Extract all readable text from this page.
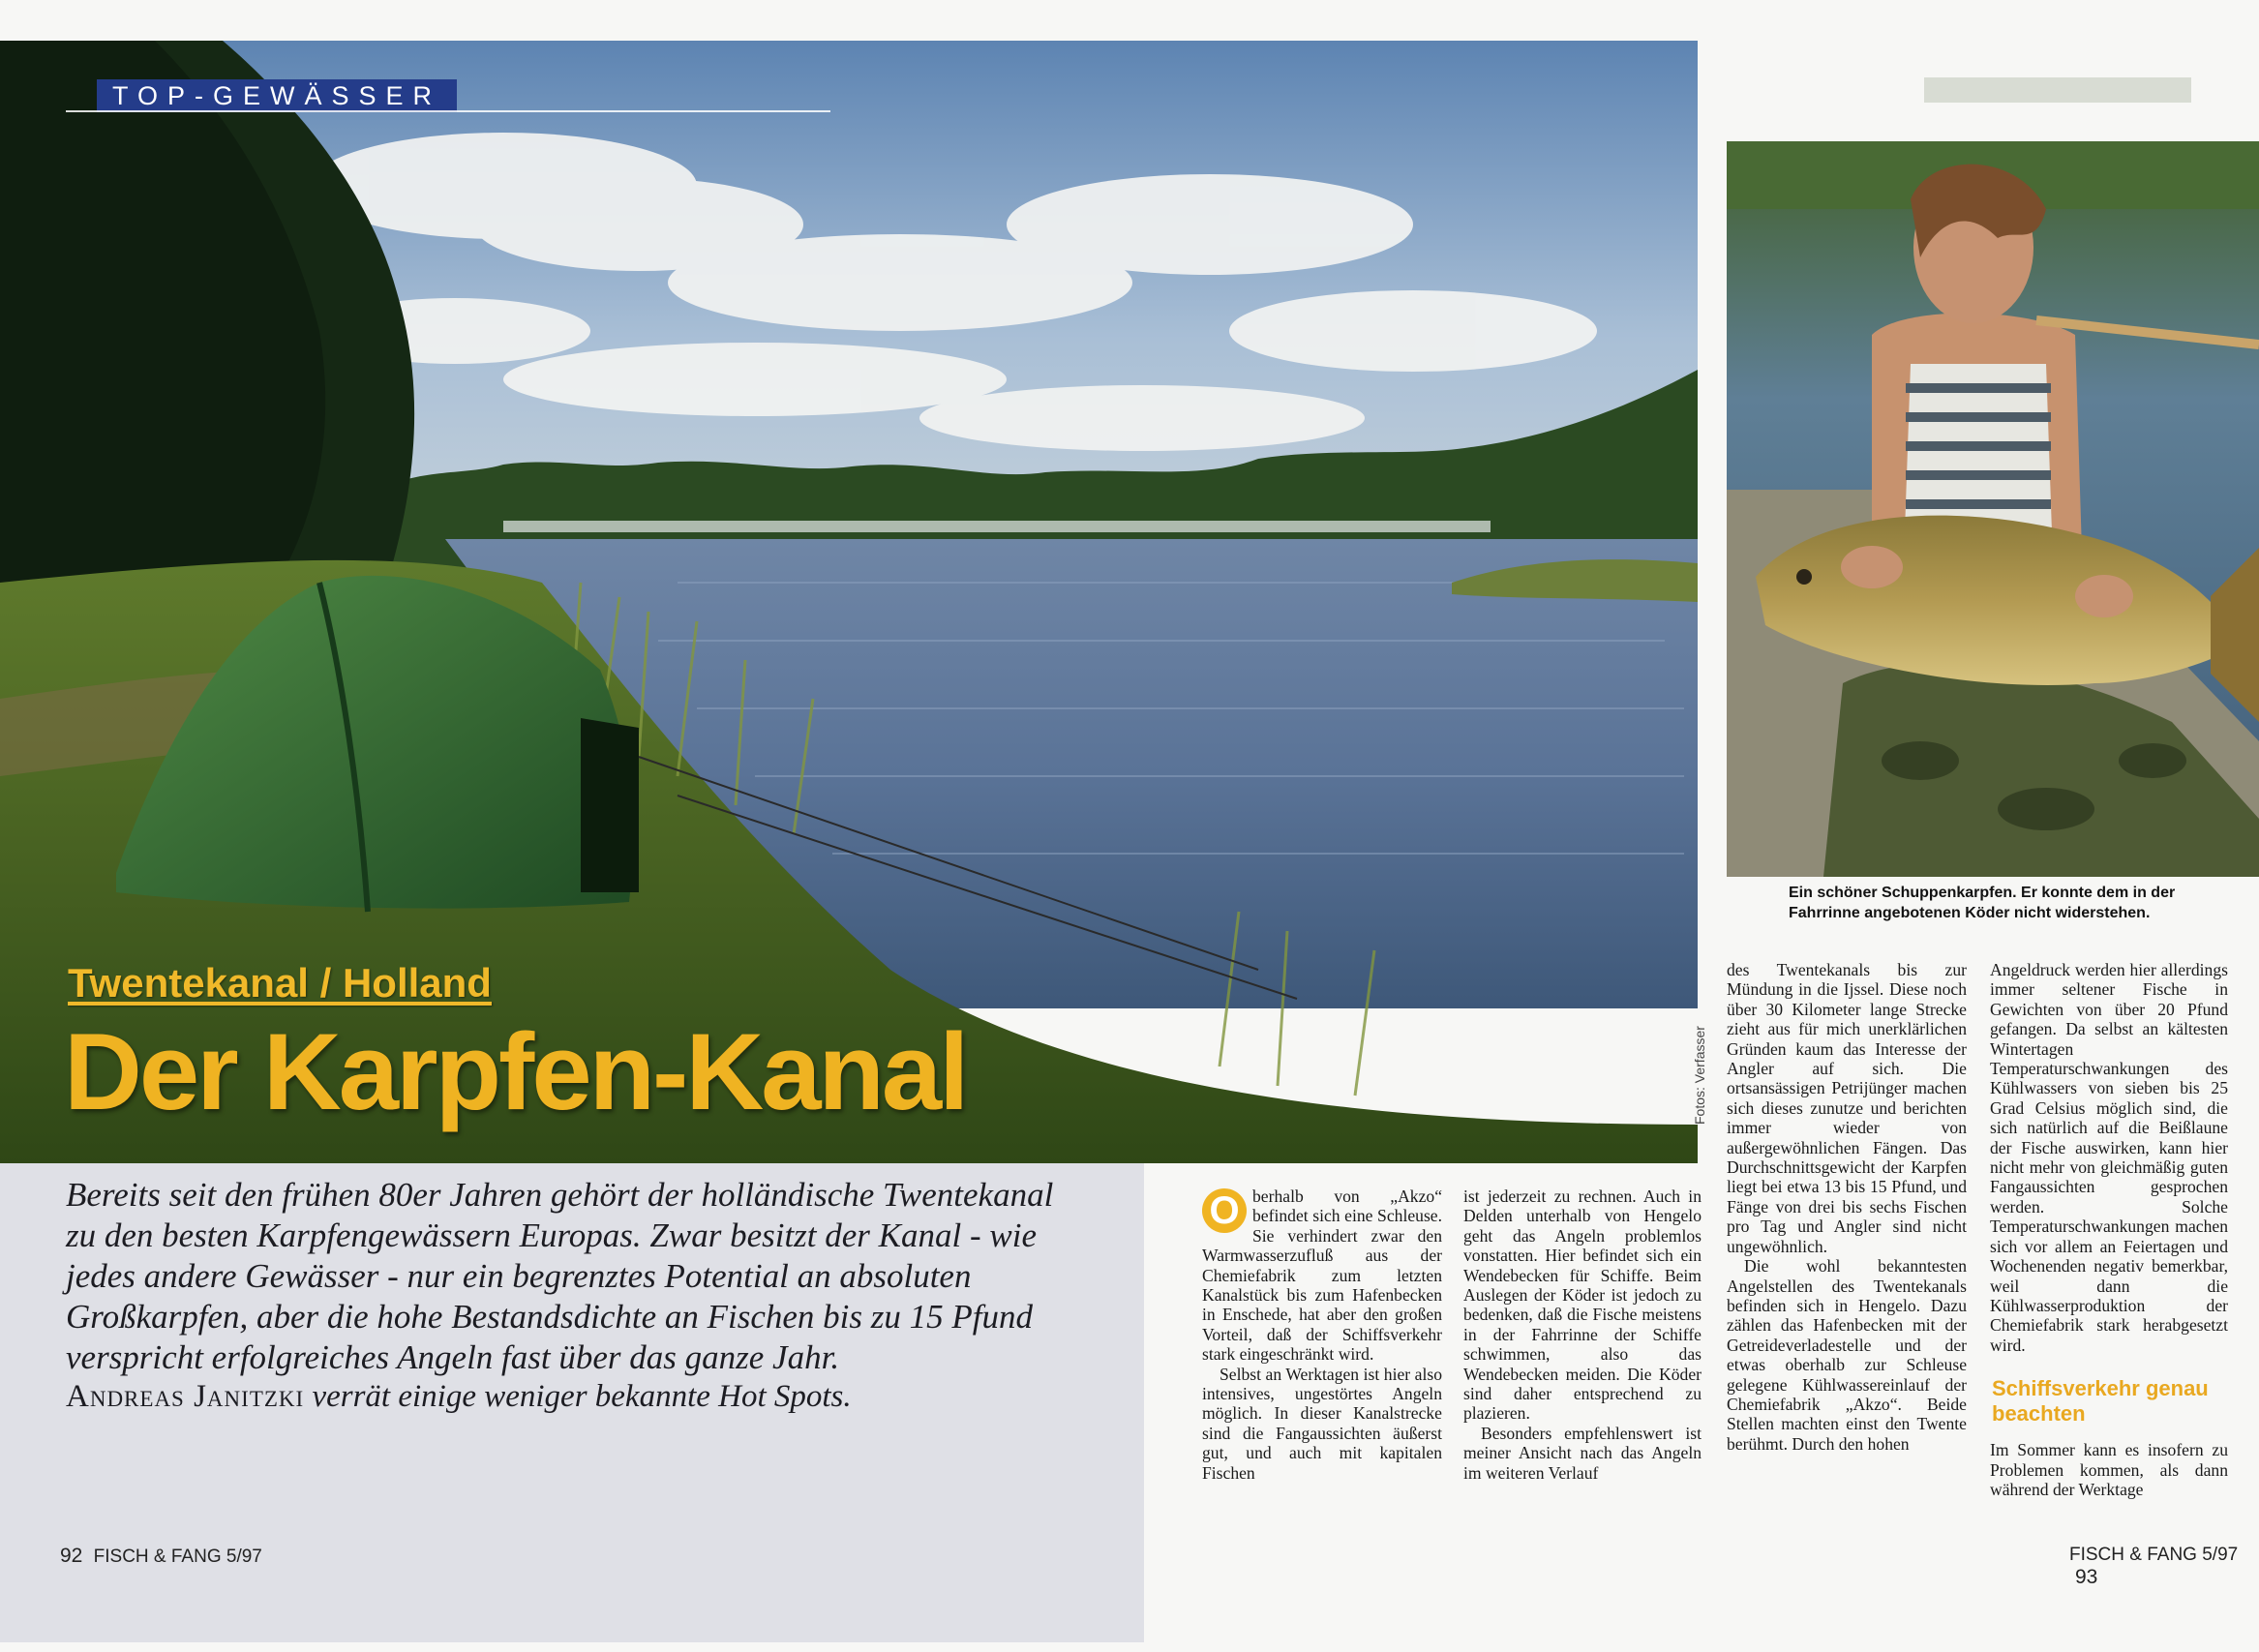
TOP-GEWÄSSER
Twentekanal / Holland
Der Karpfen-Kanal	Fotos: Verfasser
Bereits seit den frühen 80er Jahren gehört der holländische Twentekanal zu den besten Karpfengewässern Europas. Zwar besitzt der Kanal - wie jedes andere Gewässer - nur ein begrenztes Potential an absoluten Großkarpfen, aber die hohe Bestandsdichte an Fischen bis zu 15 Pfund verspricht erfolgreiches Angeln fast über das ganze Jahr.
Andreas Janitzki verrät einige weniger bekannte Hot Spots.
92 FISCH & FANG 5/97
Ein schöner Schuppenkarpfen. Er konnte dem in der Fahrrinne angebotenen Köder nicht widerstehen.
O berhalb von „Akzo“ befindet sich eine Schleuse. Sie verhindert zwar den Warmwasserzufluß aus der Chemiefabrik zum letzten Kanalstück bis zum Hafenbecken in Enschede, hat aber den großen Vorteil, daß der Schiffsverkehr stark eingeschränkt wird.

Selbst an Werktagen ist hier also intensives, ungestörtes Angeln möglich. In dieser Kanalstrecke sind die Fangaussichten äußerst gut, und auch mit kapitalen Fischen

ist jederzeit zu rechnen. Auch in Delden unterhalb von Hengelo geht das Angeln problemlos vonstatten. Hier befindet sich ein Wendebecken für Schiffe. Beim Auslegen der Köder ist jedoch zu bedenken, daß die Fische meistens in der Fahrrinne der Schiffe schwimmen, also das Wendebecken meiden. Die Köder sind daher entsprechend zu plazieren.

Besonders empfehlenswert ist meiner Ansicht nach das Angeln im weiteren Verlauf

des Twentekanals bis zur Mündung in die Ijssel. Diese noch über 30 Kilometer lange Strecke zieht aus für mich unerklärlichen Gründen kaum das Interesse der Angler auf sich. Die ortsansässigen Petrijünger machen sich dieses zunutze und berichten immer wieder von außergewöhnlichen Fängen. Das Durchschnittsgewicht der Karpfen liegt bei etwa 13 bis 15 Pfund, und Fänge von drei bis sechs Fischen pro Tag und Angler sind nicht ungewöhnlich.

Die wohl bekanntesten Angelstellen des Twentekanals befinden sich in Hengelo. Dazu zählen das Hafenbecken mit der Getreideverladestelle und der etwas oberhalb zur Schleuse gelegene Kühlwassereinlauf der Chemiefabrik „Akzo“. Beide Stellen machten einst den Twente berühmt. Durch den hohen

Angeldruck werden hier allerdings immer seltener Fische in Gewichten von über 20 Pfund gefangen. Da selbst an kältesten Wintertagen Temperaturschwankungen des Kühlwassers von sieben bis 25 Grad Celsius möglich sind, die sich natürlich auf die Beißlaune der Fische auswirken, kann hier nicht mehr von gleichmäßig guten Fangaussichten gesprochen werden. Solche Temperaturschwankungen machen sich vor allem an Feiertagen und Wochenenden negativ bemerkbar, weil dann die Kühlwasserproduktion der Chemiefabrik stark herabgesetzt wird.

Schiffsverkehr genau beachten

Im Sommer kann es insofern zu Problemen kommen, als dann während der Werktage

FISCH & FANG 5/97 93
